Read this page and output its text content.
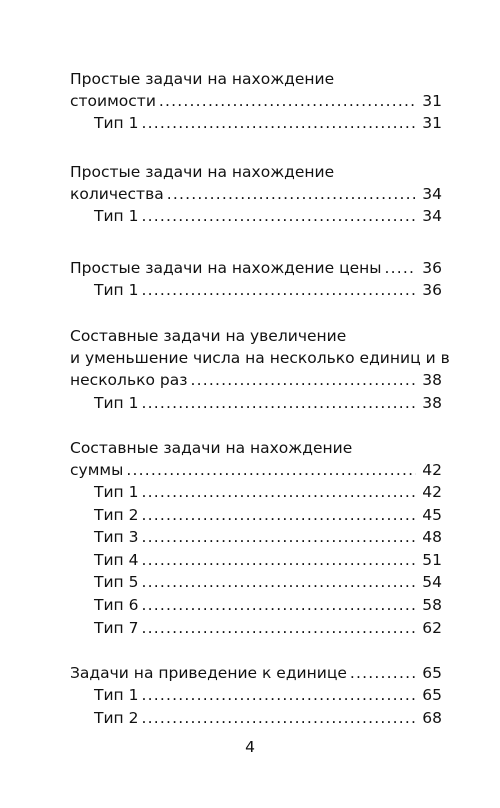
Простые задачи на нахождение
стоимости .....	31
Тип 1 .....	31
Простые задачи на нахождение
количества .....	34
Тип 1 .....	34
Простые задачи на нахождение цены .....	36
Тип 1 .....	36
Составные задачи на увеличение
и уменьшение числа на несколько единиц и в
несколько раз .....	38
Тип 1 .....	38
Составные задачи на нахождение
суммы .....	42
Тип 1 .....	42
Тип 2 .....	45
Тип 3 .....	48
Тип 4 .....	51
Тип 5 .....	54
Тип 6 .....	58
Тип 7 .....	62
Задачи на приведение к единице .....	65
Тип 1 .....	65
Тип 2 .....	68
4
